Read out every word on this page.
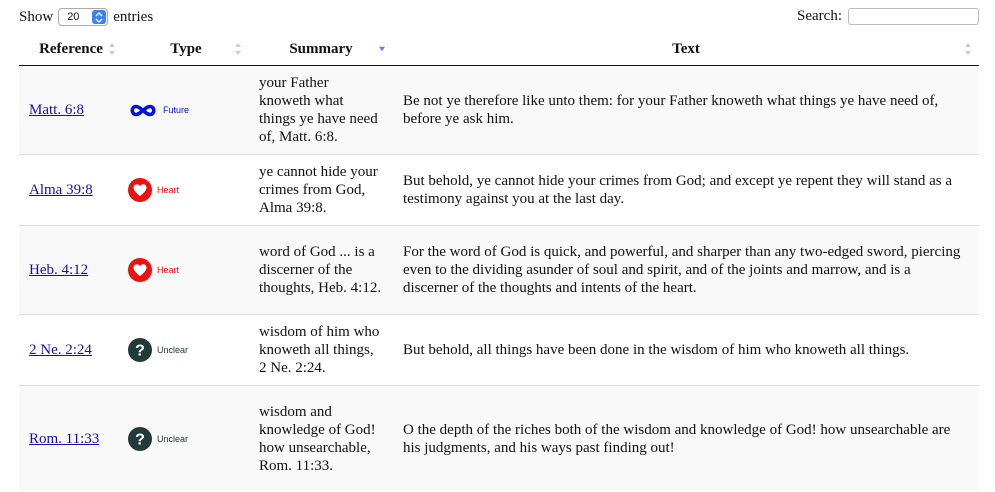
Show 20 entries	Search:
Reference	Type	Summary	Text

Matt. 6:8	Future	your Father knoweth what things ye have need of, Matt. 6:8.	Be not ye therefore like unto them: for your Father knoweth what things ye have need of, before ye ask him.
Alma 39:8	Heart	ye cannot hide your crimes from God, Alma 39:8.	But behold, ye cannot hide your crimes from God; and except ye repent they will stand as a testimony against you at the last day.
Heb. 4:12	Heart	word of God ... is a discerner of the thoughts, Heb. 4:12.	For the word of God is quick, and powerful, and sharper than any two-edged sword, piercing even to the dividing asunder of soul and spirit, and of the joints and marrow, and is a discerner of the thoughts and intents of the heart.
2 Ne. 2:24	? Unclear	wisdom of him who knoweth all things, 2 Ne. 2:24.	But behold, all things have been done in the wisdom of him who knoweth all things.
Rom. 11:33	? Unclear	wisdom and knowledge of God! how unsearchable, Rom. 11:33.	O the depth of the riches both of the wisdom and knowledge of God! how unsearchable are his judgments, and his ways past finding out!
